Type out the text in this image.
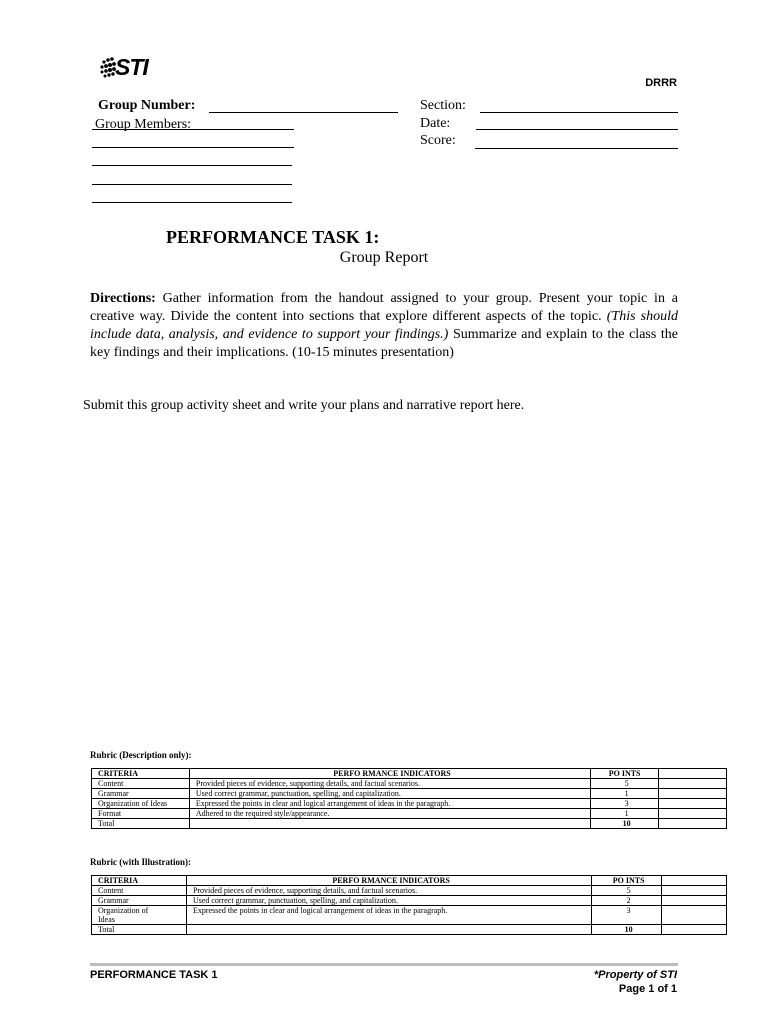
STI
DRRR
Group Number:
Group Members:
Section:
Date:
Score:
PERFORMANCE TASK 1:
Group Report
Directions: Gather information from the handout assigned to your group. Present your topic in a creative way. Divide the content into sections that explore different aspects of the topic. (This should include data, analysis, and evidence to support your findings.) Summarize and explain to the class the key findings and their implications. (10-15 minutes presentation)
Submit this group activity sheet and write your plans and narrative report here.
Rubric (Description only):
CRITERIA	PERFO RMANCE INDICATORS	PO INTS	
Content	Provided pieces of evidence, supporting details, and factual scenarios.	5	
Grammar	Used correct grammar, punctuation, spelling, and capitalization.	1	
Organization of Ideas	Expressed the points in clear and logical arrangement of ideas in the paragraph.	3	
Format	Adhered to the required style/appearance.	1	
Total		10	
Rubric (with Illustration):
CRITERIA	PERFO RMANCE INDICATORS	PO INTS	
Content	Provided pieces of evidence, supporting details, and factual scenarios.	5	
Grammar	Used correct grammar, punctuation, spelling, and capitalization.	2	
Organization of Ideas	Expressed the points in clear and logical arrangement of ideas in the paragraph.	3	
Total		10	
PERFORMANCE TASK 1	*Property of STI
Page 1 of 1
